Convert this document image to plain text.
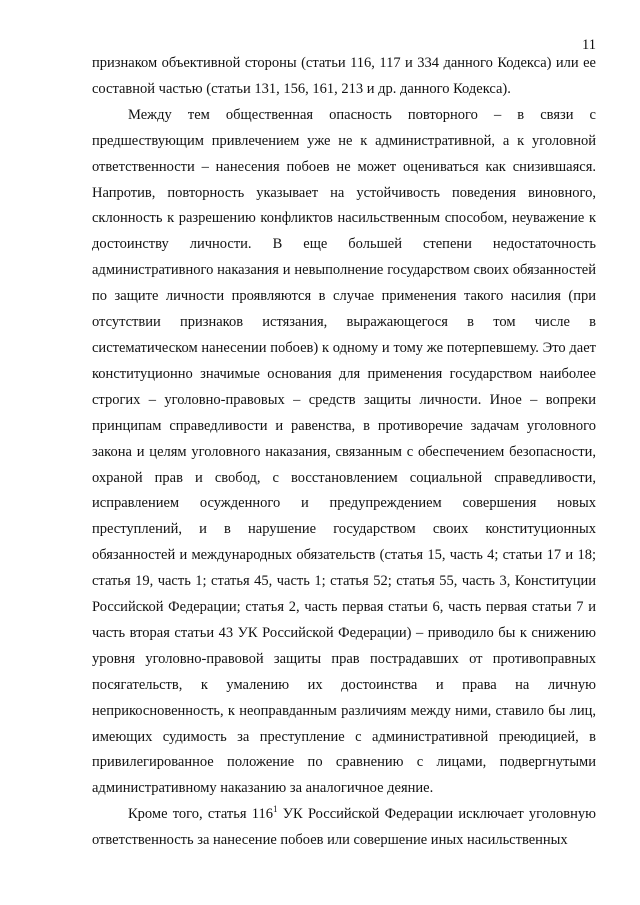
11

признаком объективной стороны (статьи 116, 117 и 334 данного Кодекса) или ее составной частью (статьи 131, 156, 161, 213 и др. данного Кодекса).

Между тем общественная опасность повторного – в связи с предшествующим привлечением уже не к административной, а к уголовной ответственности – нанесения побоев не может оцениваться как снизившаяся. Напротив, повторность указывает на устойчивость поведения виновного, склонность к разрешению конфликтов насильственным способом, неуважение к достоинству личности. В еще большей степени недостаточность административного наказания и невыполнение государством своих обязанностей по защите личности проявляются в случае применения такого насилия (при отсутствии признаков истязания, выражающегося в том числе в систематическом нанесении побоев) к одному и тому же потерпевшему. Это дает конституционно значимые основания для применения государством наиболее строгих – уголовно-правовых – средств защиты личности. Иное – вопреки принципам справедливости и равенства, в противоречие задачам уголовного закона и целям уголовного наказания, связанным с обеспечением безопасности, охраной прав и свобод, с восстановлением социальной справедливости, исправлением осужденного и предупреждением совершения новых преступлений, и в нарушение государством своих конституционных обязанностей и международных обязательств (статья 15, часть 4; статьи 17 и 18; статья 19, часть 1; статья 45, часть 1; статья 52; статья 55, часть 3, Конституции Российской Федерации; статья 2, часть первая статьи 6, часть первая статьи 7 и часть вторая статьи 43 УК Российской Федерации) – приводило бы к снижению уровня уголовно-правовой защиты прав пострадавших от противоправных посягательств, к умалению их достоинства и права на личную неприкосновенность, к неоправданным различиям между ними, ставило бы лиц, имеющих судимость за преступление с административной преюдицией, в привилегированное положение по сравнению с лицами, подвергнутыми административному наказанию за аналогичное деяние.

Кроме того, статья $116^1$ УК Российской Федерации исключает уголовную ответственность за нанесение побоев или совершение иных насильственных
